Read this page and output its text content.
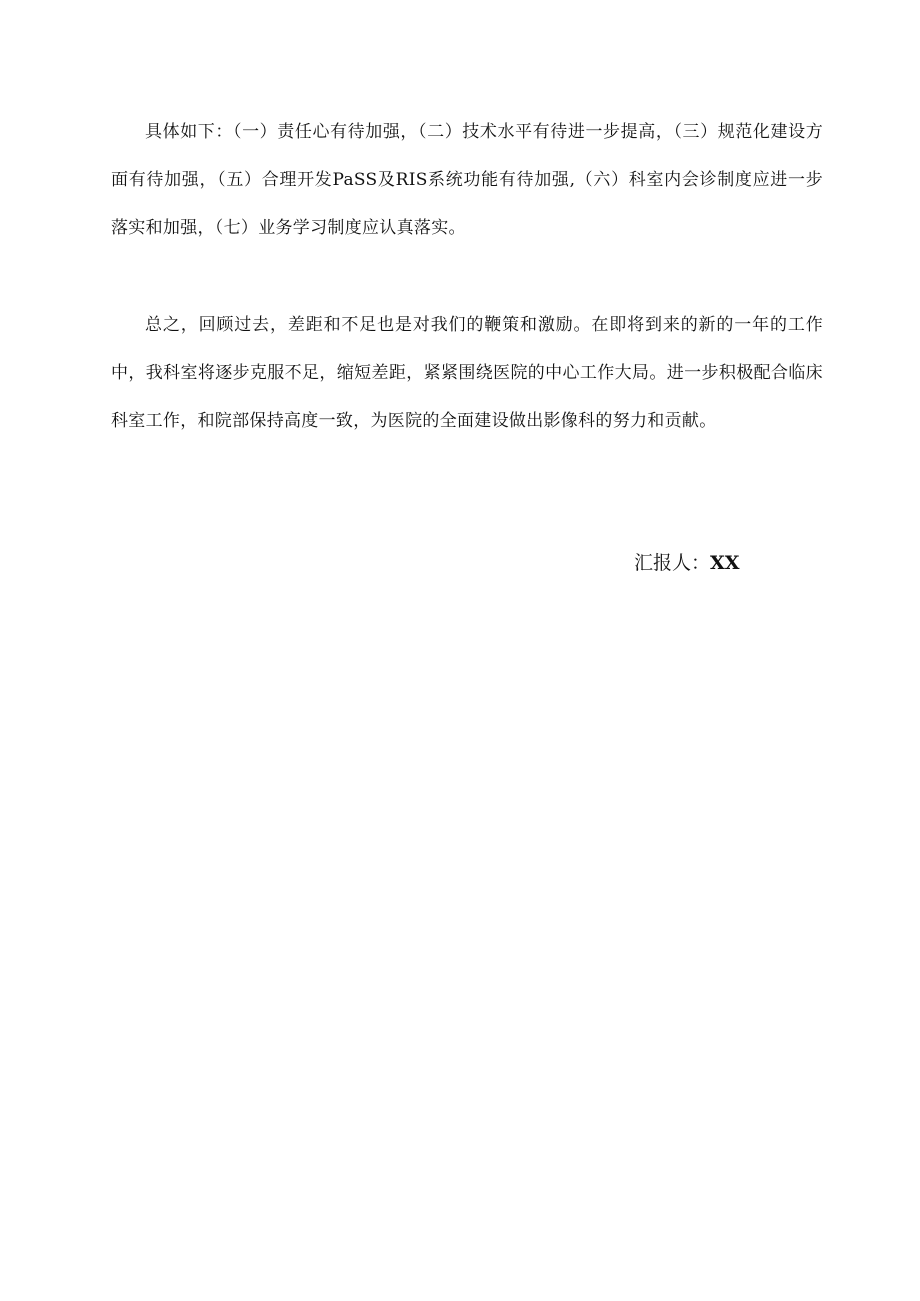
具体如下：（一）责任心有待加强，（二）技术水平有待进一步提高，（三）规范化建设方面有待加强，（五）合理开发PaSS及RIS系统功能有待加强,（六）科室内会诊制度应进一步落实和加强，（七）业务学习制度应认真落实。

总之，回顾过去，差距和不足也是对我们的鞭策和激励。在即将到来的新的一年的工作中，我科室将逐步克服不足，缩短差距，紧紧围绕医院的中心工作大局。进一步积极配合临床科室工作，和院部保持高度一致，为医院的全面建设做出影像科的努力和贡献。

汇报人：XX
